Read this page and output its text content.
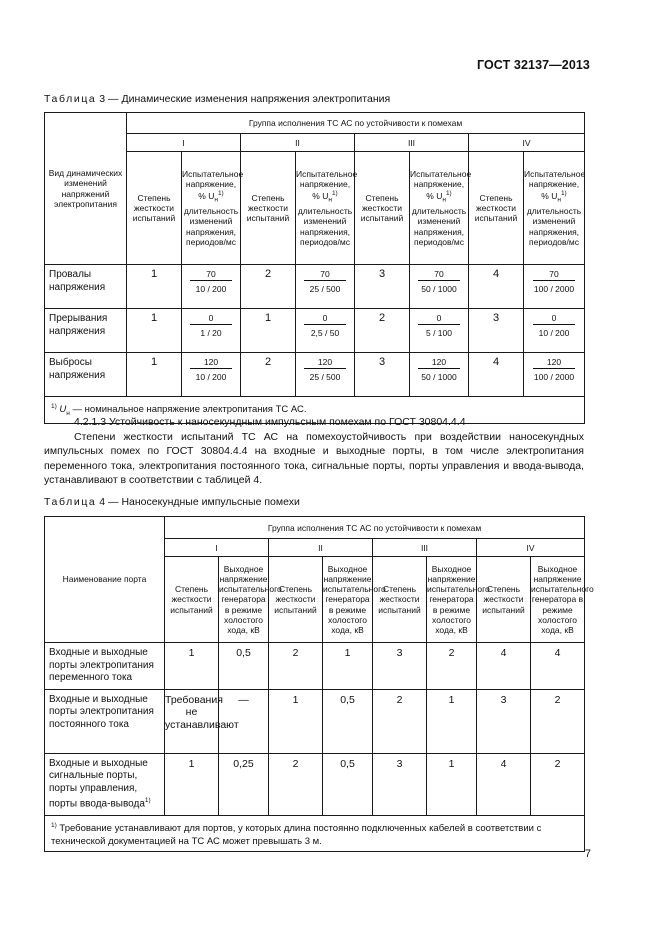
ГОСТ 32137—2013
Таблица 3 — Динамические изменения напряжения электропитания
Вид динамических изменений напряжений электропитания	Группа исполнения ТС АС по устойчивости к помехам							
	I		II		III		IV	
	Степень жесткости испытаний	Испытательное напряжение, % $U_н^{1)}$ длительность изменений напряжения, периодов/мс	Степень жесткости испытаний	Испытательное напряжение, % $U_н^{1)}$ длительность изменений напряжения, периодов/мс	Степень жесткости испытаний	Испытательное напряжение, % $U_н^{1)}$ длительность изменений напряжения, периодов/мс	Степень жесткости испытаний	Испытательное напряжение, % $U_н^{1)}$ длительность изменений напряжения, периодов/мс
Провалы напряжения	1	$\frac{70}{10 / 200}$	2	$\frac{70}{25 / 500}$	3	$\frac{70}{50 / 1000}$	4	$\frac{70}{100 / 2000}$

Прерывания напряжения	1	$\frac{0}{1 / 20}$	1	$\frac{0}{2,5 / 50}$	2	$\frac{0}{5 / 100}$	3	$\frac{0}{10 / 200}$

Выбросы напряжения	1	$\frac{120}{10 / 200}$	2	$\frac{120}{25 / 500}$	3	$\frac{120}{50 / 1000}$	4	$\frac{120}{100 / 2000}$

$^{1)}$ $U_н$ — номинальное напряжение электропитания ТС АС.								

4.2.1.3 Устойчивость к наносекундным импульсным помехам по ГОСТ 30804.4.4

Степени жесткости испытаний ТС АС на помехоустойчивость при воздействии наносекундных импульсных помех по ГОСТ 30804.4.4 на входные и выходные порты, в том числе электропитания переменного тока, электропитания постоянного тока, сигнальные порты, порты управления и ввода-вывода, устанавливают в соответствии с таблицей 4.

Таблица 4 — Наносекундные импульсные помехи
Наименование порта	Группа исполнения ТС АС по устойчивости к помехам							
	I		II		III		IV	
	Степень жесткости испытаний	Выходное напряжение испытательного генератора в режиме холостого хода, кВ	Степень жесткости испытаний	Выходное напряжение испытательного генератора в режиме холостого хода, кВ	Степень жесткости испытаний	Выходное напряжение испытательного генератора в режиме холостого хода, кВ	Степень жесткости испытаний	Выходное напряжение испытательного генератора в режиме холостого хода, кВ
Входные и выходные порты электропитания переменного тока	1	0,5	2	1	3	2	4	4
Входные и выходные порты электропитания постоянного тока	Требования не устанавливают	—	1	0,5	2	1	3	2
Входные и выходные сигнальные порты, порты управления, порты ввода-вывода$^{1)}$	1	0,25	2	0,5	3	1	4	2
$^{1)}$ Требование устанавливают для портов, у которых длина постоянно подключенных кабелей в соответствии с технической документацией на ТС АС может превышать 3 м.								
7
